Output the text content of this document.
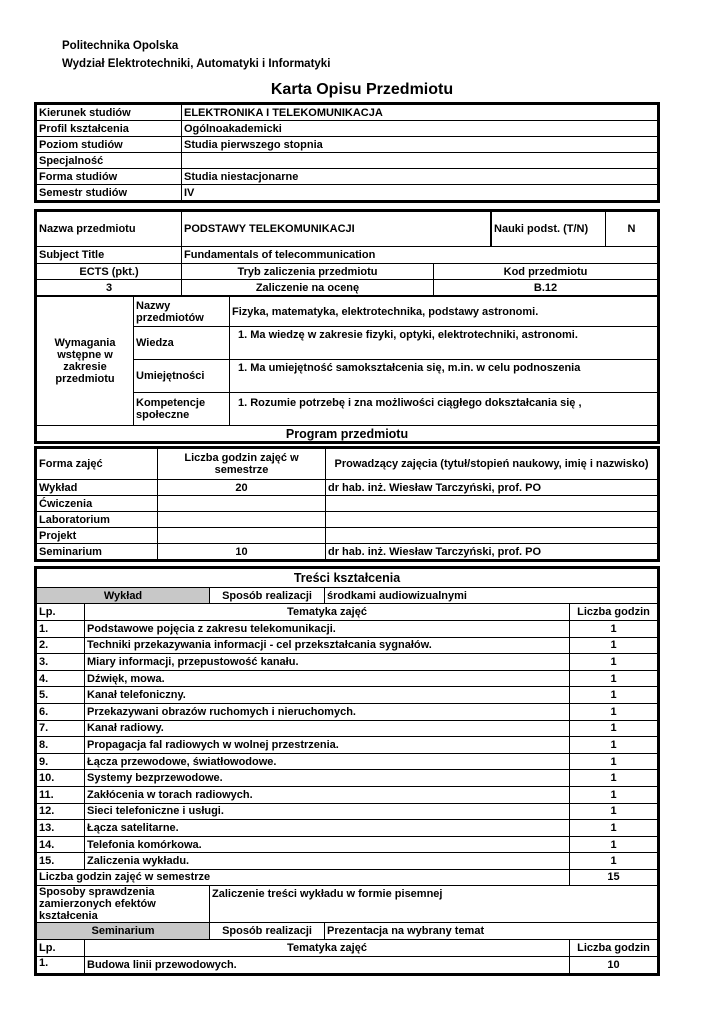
Politechnika Opolska
Wydział Elektrotechniki, Automatyki i Informatyki
Karta Opisu Przedmiotu
Kierunek studiów	ELEKTRONIKA I TELEKOMUNIKACJA
Profil kształcenia	Ogólnoakademicki
Poziom studiów	Studia pierwszego stopnia
Specjalność	
Forma studiów	Studia niestacjonarne
Semestr studiów	IV
Nazwa przedmiotu	PODSTAWY TELEKOMUNIKACJI		Nauki podst. (T/N)	N

Subject Title	Fundamentals of telecommunication
ECTS (pkt.)	Tryb zaliczenia przedmiotu	Kod przedmiotu
3	Zaliczenie na ocenę	B.12
Wymagania wstępne w zakresie przedmiotu	Nazwy przedmiotów	Fizyka, matematyka, elektrotechnika, podstawy astronomi.
	Wiedza	1. Ma wiedzę w zakresie fizyki, optyki, elektrotechniki, astronomi.
	Umiejętności	1. Ma umiejętność samokształcenia się, m.in. w celu podnoszenia
	Kompetencje społeczne	1. Rozumie potrzebę i zna możliwości ciągłego dokształcania się ,
Program przedmiotu		
Forma zajęć	Liczba godzin zajęć w semestrze	Prowadzący zajęcia (tytuł/stopień naukowy, imię i nazwisko)
Wykład	20	dr hab. inż. Wiesław Tarczyński, prof. PO
Ćwiczenia		
Laboratorium		
Projekt		
Seminarium	10	dr hab. inż. Wiesław Tarczyński, prof. PO
Treści kształcenia				
Wykład		Sposób realizacji	środkami audiowizualnymi	
Lp.	Tematyka zajęć			Liczba godzin
1.	Podstawowe pojęcia z zakresu telekomunikacji.			1
2.	Techniki przekazywania informacji - cel przekształcania sygnałów.			1
3.	Miary informacji, przepustowość kanału.			1
4.	Dźwięk, mowa.			1
5.	Kanał telefoniczny.			1
6.	Przekazywani obrazów ruchomych i nieruchomych.			1
7.	Kanał radiowy.			1
8.	Propagacja fal radiowych w wolnej przestrzenia.			1
9.	Łącza przewodowe, światłowodowe.			1
10.	Systemy bezprzewodowe.			1
11.	Zakłócenia w torach radiowych.			1
12.	Sieci telefoniczne i usługi.			1
13.	Łącza satelitarne.			1
14.	Telefonia komórkowa.			1
15.	Zaliczenia wykładu.			1
Liczba godzin zajęć w semestrze				15
Sposoby sprawdzenia zamierzonych efektów kształcenia		Zaliczenie treści wykładu w formie pisemnej		
Seminarium		Sposób realizacji	Prezentacja na wybrany temat	
Lp.	Tematyka zajęć			Liczba godzin
1.	Budowa linii przewodowych.			10
